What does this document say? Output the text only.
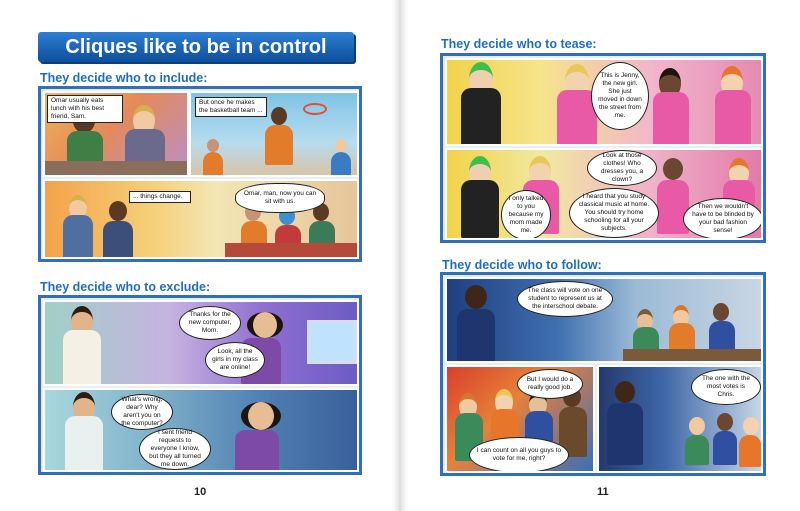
Cliques like to be in control
They decide who to include:
Omar usually eats lunch with his best friend, Sam.
But once he makes the basketball team ...
... things change.	Omar, man, now you can sit with us.
They decide who to exclude:
Thanks for the new computer, Mom.
Look, all the girls in my class are online!
What's wrong, dear? Why aren't you on the computer?
I sent friend requests to everyone I know, but they all turned me down.
10
They decide who to tease:
This is Jenny, the new girl. She just moved in down the street from me.
I only talked to you because my mom made me.
Look at those clothes! Who dresses you, a clown?
I heard that you study classical music at home. You should try home schooling for all your subjects.
Then we wouldn't have to be blinded by your bad fashion sense!
They decide who to follow:
The class will vote on one student to represent us at the interschool debate.
But I would do a really good job.
I can count on all you guys to vote for me, right?
The one with the most votes is Chris.
11
